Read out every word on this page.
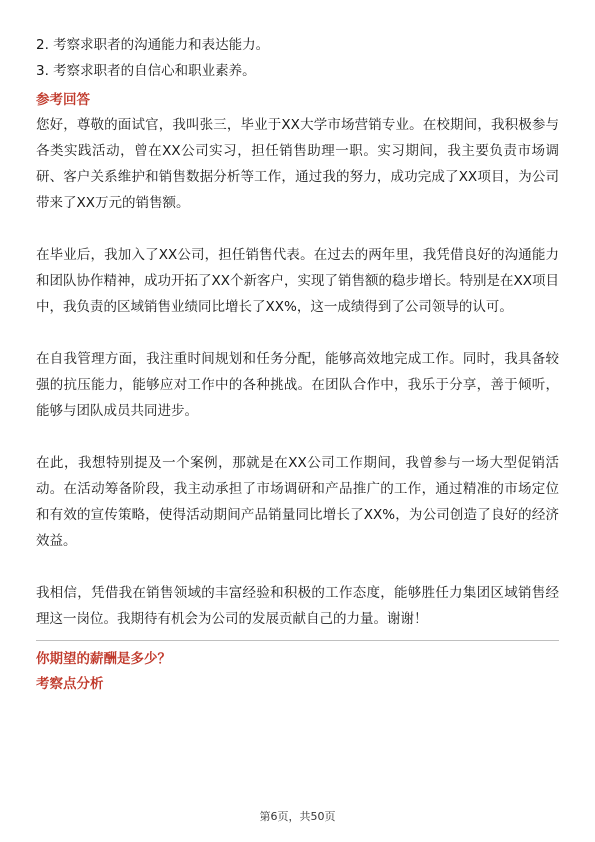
2. 考察求职者的沟通能力和表达能力。
3. 考察求职者的自信心和职业素养。
参考回答

您好，尊敬的面试官，我叫张三，毕业于XX大学市场营销专业。在校期间，我积极参与各类实践活动，曾在XX公司实习，担任销售助理一职。实习期间，我主要负责市场调研、客户关系维护和销售数据分析等工作，通过我的努力，成功完成了XX项目，为公司带来了XX万元的销售额。

在毕业后，我加入了XX公司，担任销售代表。在过去的两年里，我凭借良好的沟通能力和团队协作精神，成功开拓了XX个新客户，实现了销售额的稳步增长。特别是在XX项目中，我负责的区域销售业绩同比增长了XX%，这一成绩得到了公司领导的认可。

在自我管理方面，我注重时间规划和任务分配，能够高效地完成工作。同时，我具备较强的抗压能力，能够应对工作中的各种挑战。在团队合作中，我乐于分享，善于倾听，能够与团队成员共同进步。

在此，我想特别提及一个案例，那就是在XX公司工作期间，我曾参与一场大型促销活动。在活动筹备阶段，我主动承担了市场调研和产品推广的工作，通过精准的市场定位和有效的宣传策略，使得活动期间产品销量同比增长了XX%，为公司创造了良好的经济效益。

我相信，凭借我在销售领域的丰富经验和积极的工作态度，能够胜任力集团区域销售经理这一岗位。我期待有机会为公司的发展贡献自己的力量。谢谢！

你期望的薪酬是多少？
考察点分析
第6页，共50页
